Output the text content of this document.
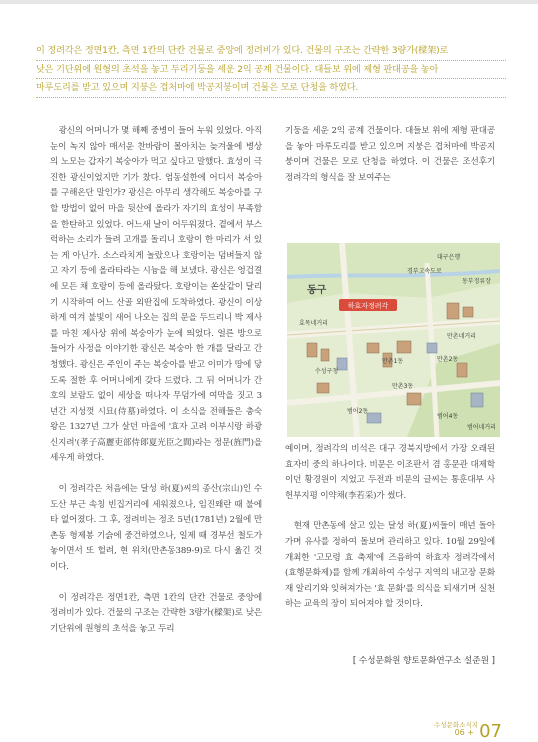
이 정려각은 정면1칸, 측면 1칸의 단칸 건물로 중앙에 정려비가 있다. 건물의 구조는 간략한 3량가(樑架)로
낮은 기단위에 원형의 초석을 놓고 두리기둥을 세운 2익 공계 건물이다. 대들보 위에 제형 판대공을 놓아
마루도리를 받고 있으며 지붕은 겹처마에 박공지붕이며 건물은 모로 단청을 하였다.

광신의 어머니가 몇 해째 중병이 들어 누워 있었다. 아직 눈이 녹지 않아 매서운 찬바람이 몰아치는 늦겨울에 병상의 노모는 갑자기 복숭아가 먹고 싶다고 말했다. 효성이 극진한 광신이었지만 기가 찼다. 엄동설한에 어디서 복숭아를 구해온단 말인가? 광신은 아무리 생각해도 복숭아를 구할 방법이 없어 마을 뒷산에 올라가 자기의 효성이 부족함을 한탄하고 있었다. 어느새 날이 어두워졌다. 곁에서 부스럭하는 소리가 들려 고개를 돌리니 호랑이 한 마리가 서 있는 게 아닌가. 소스라치게 놀랐으나 호랑이는 덤벼들지 않고 자기 등에 올라타라는 시늉을 해 보냈다. 광신은 엉겁결에 모든 채 호랑이 등에 올라탔다. 호랑이는 쏜살같이 달리기 시작하여 어느 산골 외딴집에 도착하였다. 광신이 이상하게 여겨 불빛이 새어 나오는 집의 문을 두드리니 박 제사를 마친 제사상 위에 복숭아가 눈에 띄었다. 얼른 방으로 들어가 사정을 이야기한 광신은 복숭아 한 개를 달라고 간청했다. 광신은 주인이 주는 복숭아를 받고 이미가 땅에 닿도록 절한 후 어머니에게 갖다 드렸다. 그 뒤 어머니가 간호의 보람도 없이 세상을 떠나자 무덤가에 여막을 짓고 3년간 지성껏 시묘(侍墓)하였다. 이 소식을 전해들은 충숙왕은 1327년 그가 살던 마을에 '효자 고려 이부시랑 하광신지려'(孝子高麗吏部侍郞夏光臣之閭)라는 정문(旌門)을 세우게 하였다.

이 정려각은 처음에는 달성 하(夏)씨의 종산(宗山)인 수도산 부근 속칭 빈집거리에 세워졌으나, 임진왜란 때 불에 타 없어졌다. 그 후, 정려비는 정조 5년(1781년) 2월에 만촌동 형제봉 기슭에 중건하였으나, 일제 때 경부선 철도가 놓이면서 또 헐려, 현 위치(만촌동389-9)로 다시 옮긴 것이다.

이 정려각은 정면1칸, 측면 1칸의 단칸 건물로 중앙에 정려비가 있다. 건물의 구조는 간략한 3량가(樑架)로 낮은 기단위에 원형의 초석을 놓고 두리

기둥을 세운 2익 공계 건물이다. 대들보 위에 제형 판대공을 놓아 마루도리를 받고 있으며 지붕은 겹처마에 박공지붕이며 건물은 모로 단청을 하였다. 이 건물은 조선후기 정려각의 형식을 잘 보여주는

동구
하효자정려각
대구은행
경부고속도로
동부정류장
효목네거리
만촌1동	만촌2동
만촌3동
범어2동
범어4동
만촌네거리
수성구청
범어네거리

예이며, 정려각의 비석은 대구 경북지방에서 가장 오래된 효자비 중의 하나이다. 비문은 이조판서 겸 홍문관 대제학이던 황경원이 지었고 두전과 비문의 글씨는 통훈대부 사헌부지평 이약채(李若采)가 썼다.

현재 만촌동에 살고 있는 달성 하(夏)씨들이 매년 돌아가며 유사를 정하여 돌보며 관리하고 있다. 10월 29일에 개최한 '고모령 효 축제'에 즈음하여 하효자 정려각에서 (효행문화제)를 함께 개최하여 수성구 지역의 내고장 문화재 알리기와 잊혀져가는 '효 문화'를 의식을 되새기며 실천하는 교육의 장이 되어져야 할 것이다.

[ 수성문화원 향토문화연구소 설준원 ]
수성문화소식지
06 + 07
